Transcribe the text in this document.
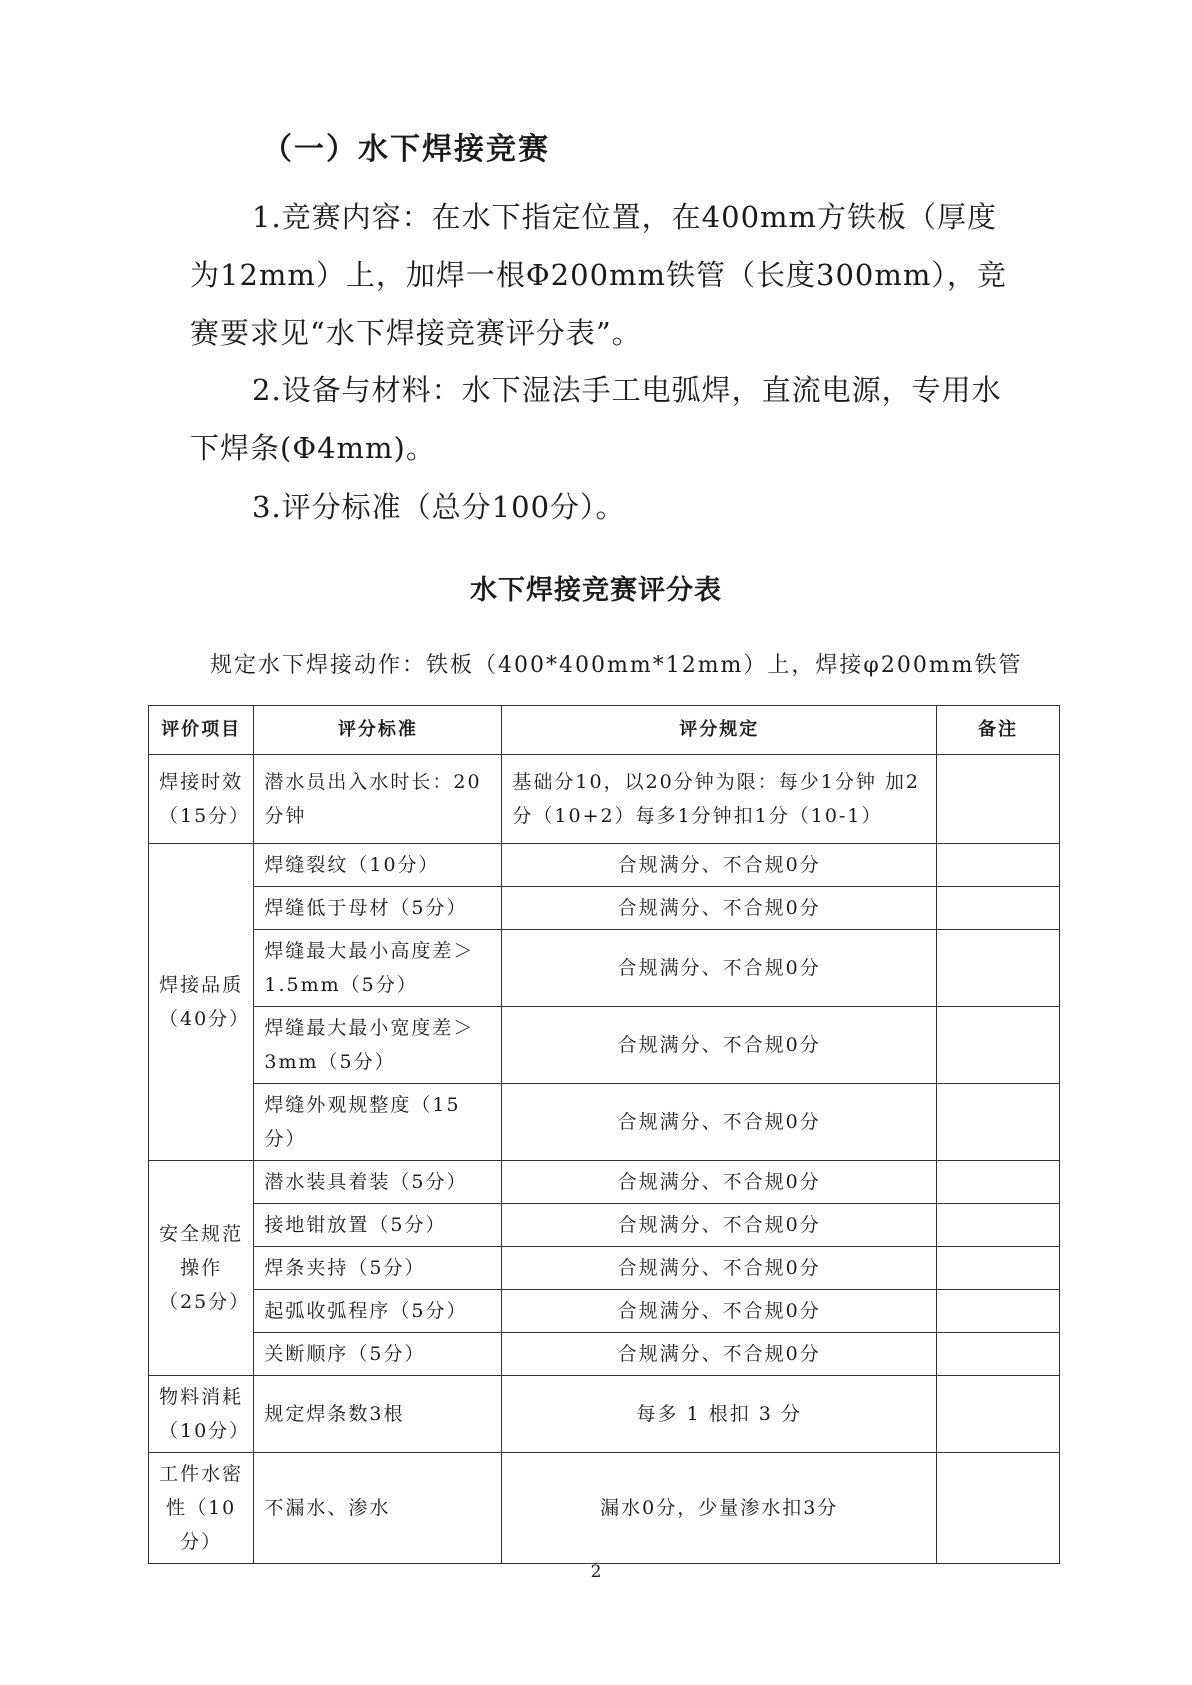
（一）水下焊接竞赛
1.竞赛内容：在水下指定位置，在400mm方铁板（厚度为12mm）上，加焊一根Φ200mm铁管（长度300mm），竞赛要求见“水下焊接竞赛评分表”。
2.设备与材料：水下湿法手工电弧焊，直流电源，专用水下焊条(Φ4mm)。
3.评分标准（总分100分）。
水下焊接竞赛评分表
规定水下焊接动作：铁板（400*400mm*12mm）上，焊接φ200mm铁管
评价项目	评分标准	评分规定	备注
焊接时效（15分）	潜水员出入水时长：20分钟	基础分10，以20分钟为限：每少1分钟 加2分（10+2）每多1分钟扣1分（10-1）	
焊接品质（40分）	焊缝裂纹（10分）	合规满分、不合规0分	
	焊缝低于母材（5分）	合规满分、不合规0分	
	焊缝最大最小高度差＞1.5mm（5分）	合规满分、不合规0分	
	焊缝最大最小宽度差＞3mm（5分）	合规满分、不合规0分	
	焊缝外观规整度（15分）	合规满分、不合规0分	
安全规范操作（25分）	潜水装具着装（5分）	合规满分、不合规0分	
	接地钳放置（5分）	合规满分、不合规0分	
	焊条夹持（5分）	合规满分、不合规0分	
	起弧收弧程序（5分）	合规满分、不合规0分	
	关断顺序（5分）	合规满分、不合规0分	
物料消耗（10分）	规定焊条数3根	每多 1 根扣 3 分	
工件水密性（10分）	不漏水、渗水	漏水0分，少量渗水扣3分	
2
